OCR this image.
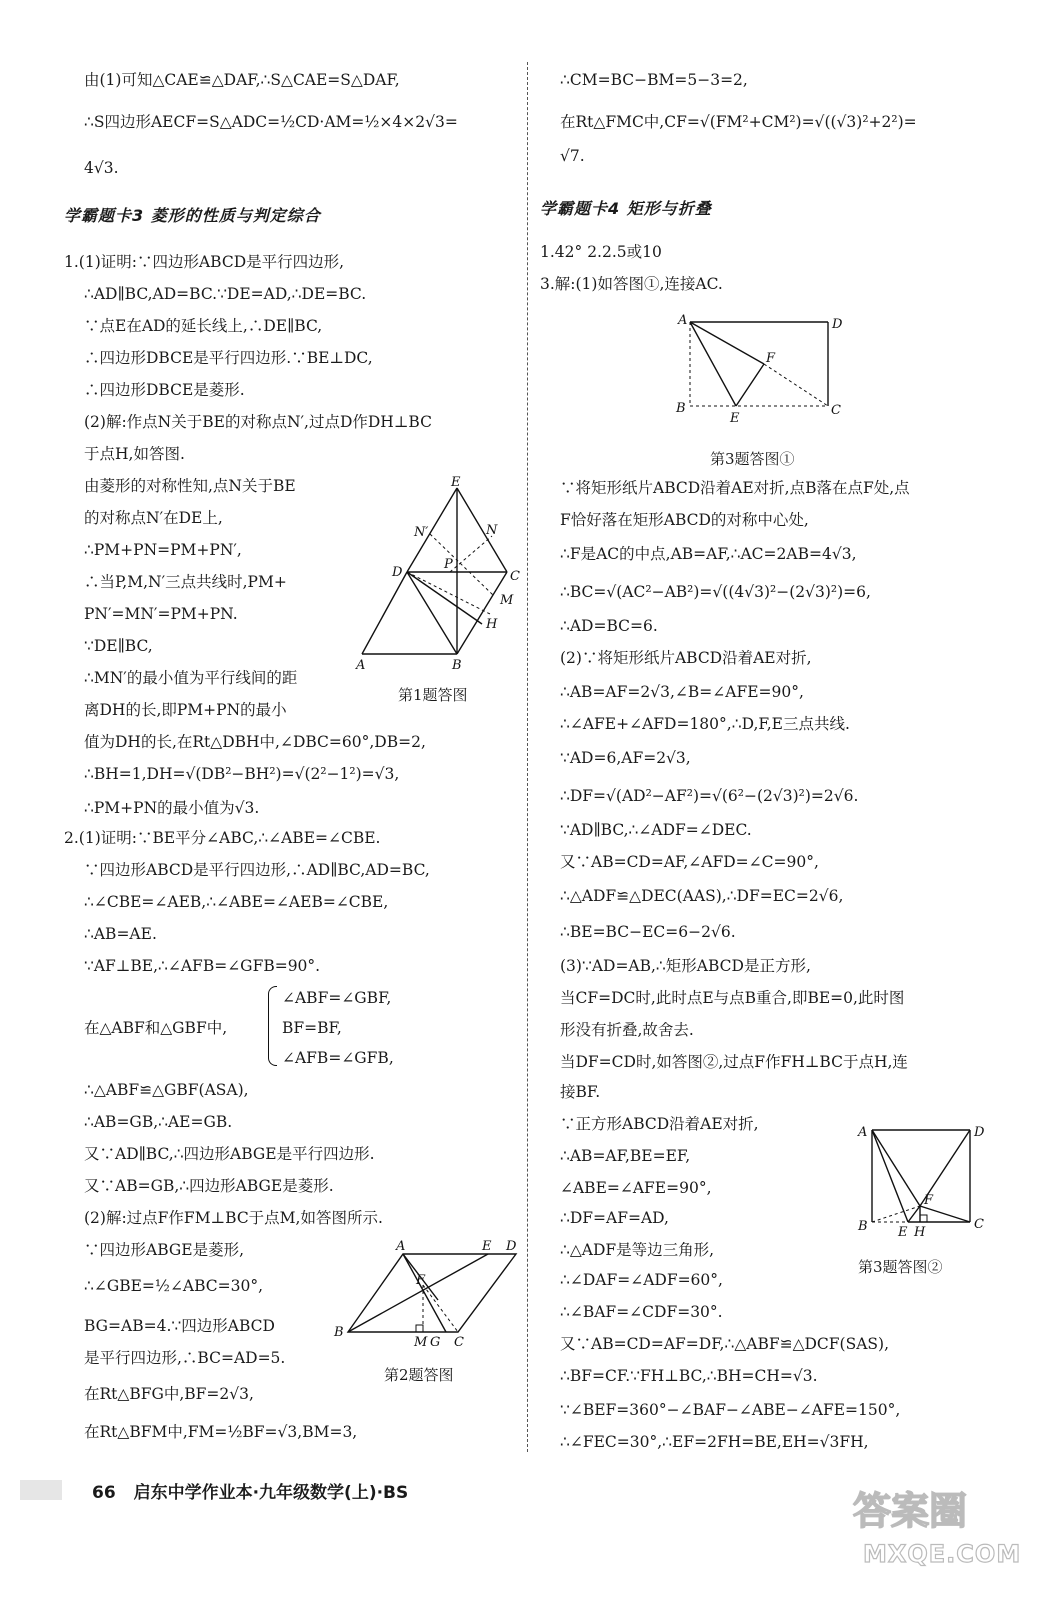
由(1)可知△CAE≌△DAF,∴S△CAE=S△DAF,
∴S四边形AECF=S△ADC=½CD·AM=½×4×2√3=
4√3.
学霸题卡3 菱形的性质与判定综合
1.(1)证明:∵四边形ABCD是平行四边形,
∴AD∥BC,AD=BC.∵DE=AD,∴DE=BC.
∵点E在AD的延长线上,∴DE∥BC,
∴四边形DBCE是平行四边形.∵BE⊥DC,
∴四边形DBCE是菱形.
(2)解:作点N关于BE的对称点N′,过点D作DH⊥BC
于点H,如答图.
由菱形的对称性知,点N关于BE
的对称点N′在DE上,
∴PM+PN=PM+PN′,
∴当P,M,N′三点共线时,PM+
PN′=MN′=PM+PN.
∵DE∥BC,
∴MN′的最小值为平行线间的距
离DH的长,即PM+PN的最小
值为DH的长,在Rt△DBH中,∠DBC=60°,DB=2,
∴BH=1,DH=√(DB²−BH²)=√(2²−1²)=√3,
∴PM+PN的最小值为√3.
E
N′	N
D
P
C
M
H
A	B
第1题答图
2.(1)证明:∵BE平分∠ABC,∴∠ABE=∠CBE.
∵四边形ABCD是平行四边形,∴AD∥BC,AD=BC,
∴∠CBE=∠AEB,∴∠ABE=∠AEB=∠CBE,
∴AB=AE.
∵AF⊥BE,∴∠AFB=∠GFB=90°.
在△ABF和△GBF中,
∠ABF=∠GBF,
BF=BF,
∠AFB=∠GFB,
∴△ABF≌△GBF(ASA),
∴AB=GB,∴AE=GB.
又∵AD∥BC,∴四边形ABGE是平行四边形.
又∵AB=GB,∴四边形ABGE是菱形.
(2)解:过点F作FM⊥BC于点M,如答图所示.
∵四边形ABGE是菱形,
∴∠GBE=½∠ABC=30°,
BG=AB=4.∵四边形ABCD
是平行四边形,∴BC=AD=5.
在Rt△BFG中,BF=2√3,
在Rt△BFM中,FM=½BF=√3,BM=3,
A	E D
F
B
M G C
第2题答图
∴CM=BC−BM=5−3=2,
在Rt△FMC中,CF=√(FM²+CM²)=√((√3)²+2²)=
√7.
学霸题卡4 矩形与折叠
1.42° 2.2.5或10
3.解:(1)如答图①,连接AC.
A	D
F
B
E
C
第3题答图①
∵将矩形纸片ABCD沿着AE对折,点B落在点F处,点
F恰好落在矩形ABCD的对称中心处,
∴F是AC的中点,AB=AF,∴AC=2AB=4√3,
∴BC=√(AC²−AB²)=√((4√3)²−(2√3)²)=6,
∴AD=BC=6.
(2)∵将矩形纸片ABCD沿着AE对折,
∴AB=AF=2√3,∠B=∠AFE=90°,
∴∠AFE+∠AFD=180°,∴D,F,E三点共线.
∵AD=6,AF=2√3,
∴DF=√(AD²−AF²)=√(6²−(2√3)²)=2√6.
∵AD∥BC,∴∠ADF=∠DEC.
又∵AB=CD=AF,∠AFD=∠C=90°,
∴△ADF≌△DEC(AAS),∴DF=EC=2√6,
∴BE=BC−EC=6−2√6.
(3)∵AD=AB,∴矩形ABCD是正方形,
当CF=DC时,此时点E与点B重合,即BE=0,此时图
形没有折叠,故舍去.
当DF=CD时,如答图②,过点F作FH⊥BC于点H,连
接BF.
∵正方形ABCD沿着AE对折,
∴AB=AF,BE=EF,
∠ABE=∠AFE=90°,
∴DF=AF=AD,
∴△ADF是等边三角形,
∴∠DAF=∠ADF=60°,
∴∠BAF=∠CDF=30°.
又∵AB=CD=AF=DF,∴△ABF≌△DCF(SAS),
∴BF=CF.∵FH⊥BC,∴BH=CH=√3.
∵∠BEF=360°−∠BAF−∠ABE−∠AFE=150°,
∴∠FEC=30°,∴EF=2FH=BE,EH=√3FH,
A	D
F
B E H
C
第3题答图②
66 启东中学作业本·九年级数学(上)·BS	答案圈
MXQE.COM
